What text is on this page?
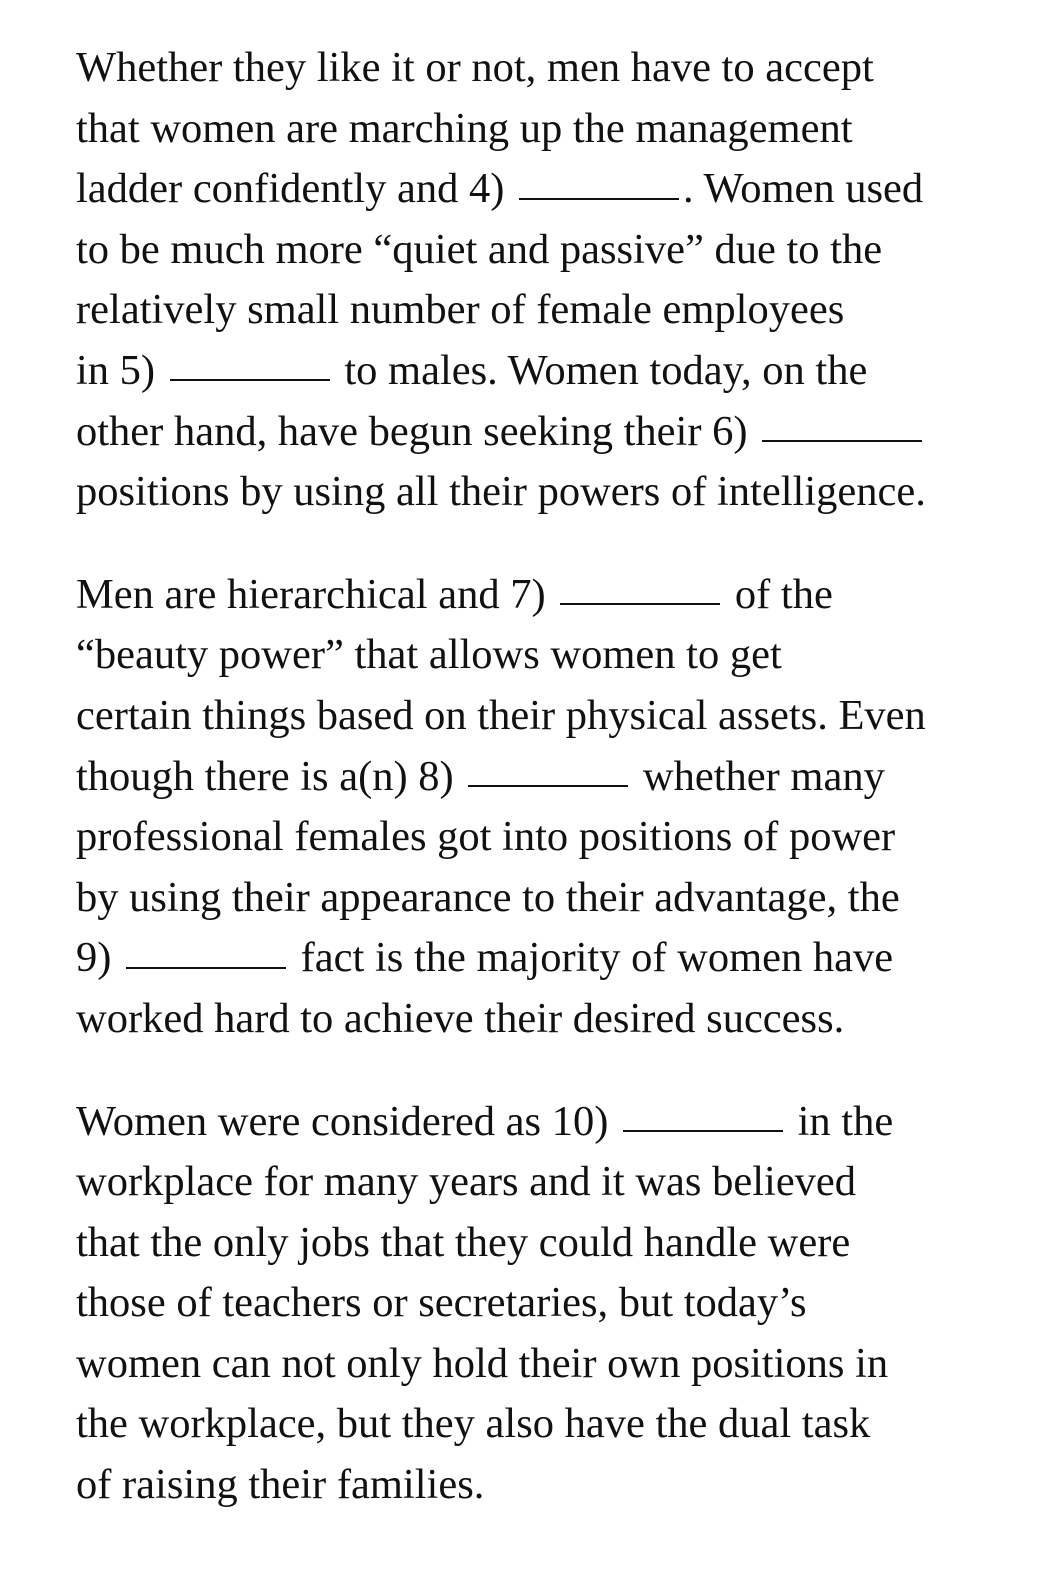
Whether they like it or not, men have to accept
that women are marching up the management
ladder confidently and 4)	. Women used
to be much more “quiet and passive” due to the
relatively small number of female employees
in 5)	to males. Women today, on the
other hand, have begun seeking their 6)
positions by using all their powers of intelligence.

Men are hierarchical and 7)	of the
“beauty power” that allows women to get
certain things based on their physical assets. Even
though there is a(n) 8)	whether many
professional females got into positions of power
by using their appearance to their advantage, the
9)	fact is the majority of women have
worked hard to achieve their desired success.

Women were considered as 10)	in the
workplace for many years and it was believed
that the only jobs that they could handle were
those of teachers or secretaries, but today’s
women can not only hold their own positions in
the workplace, but they also have the dual task
of raising their families.
